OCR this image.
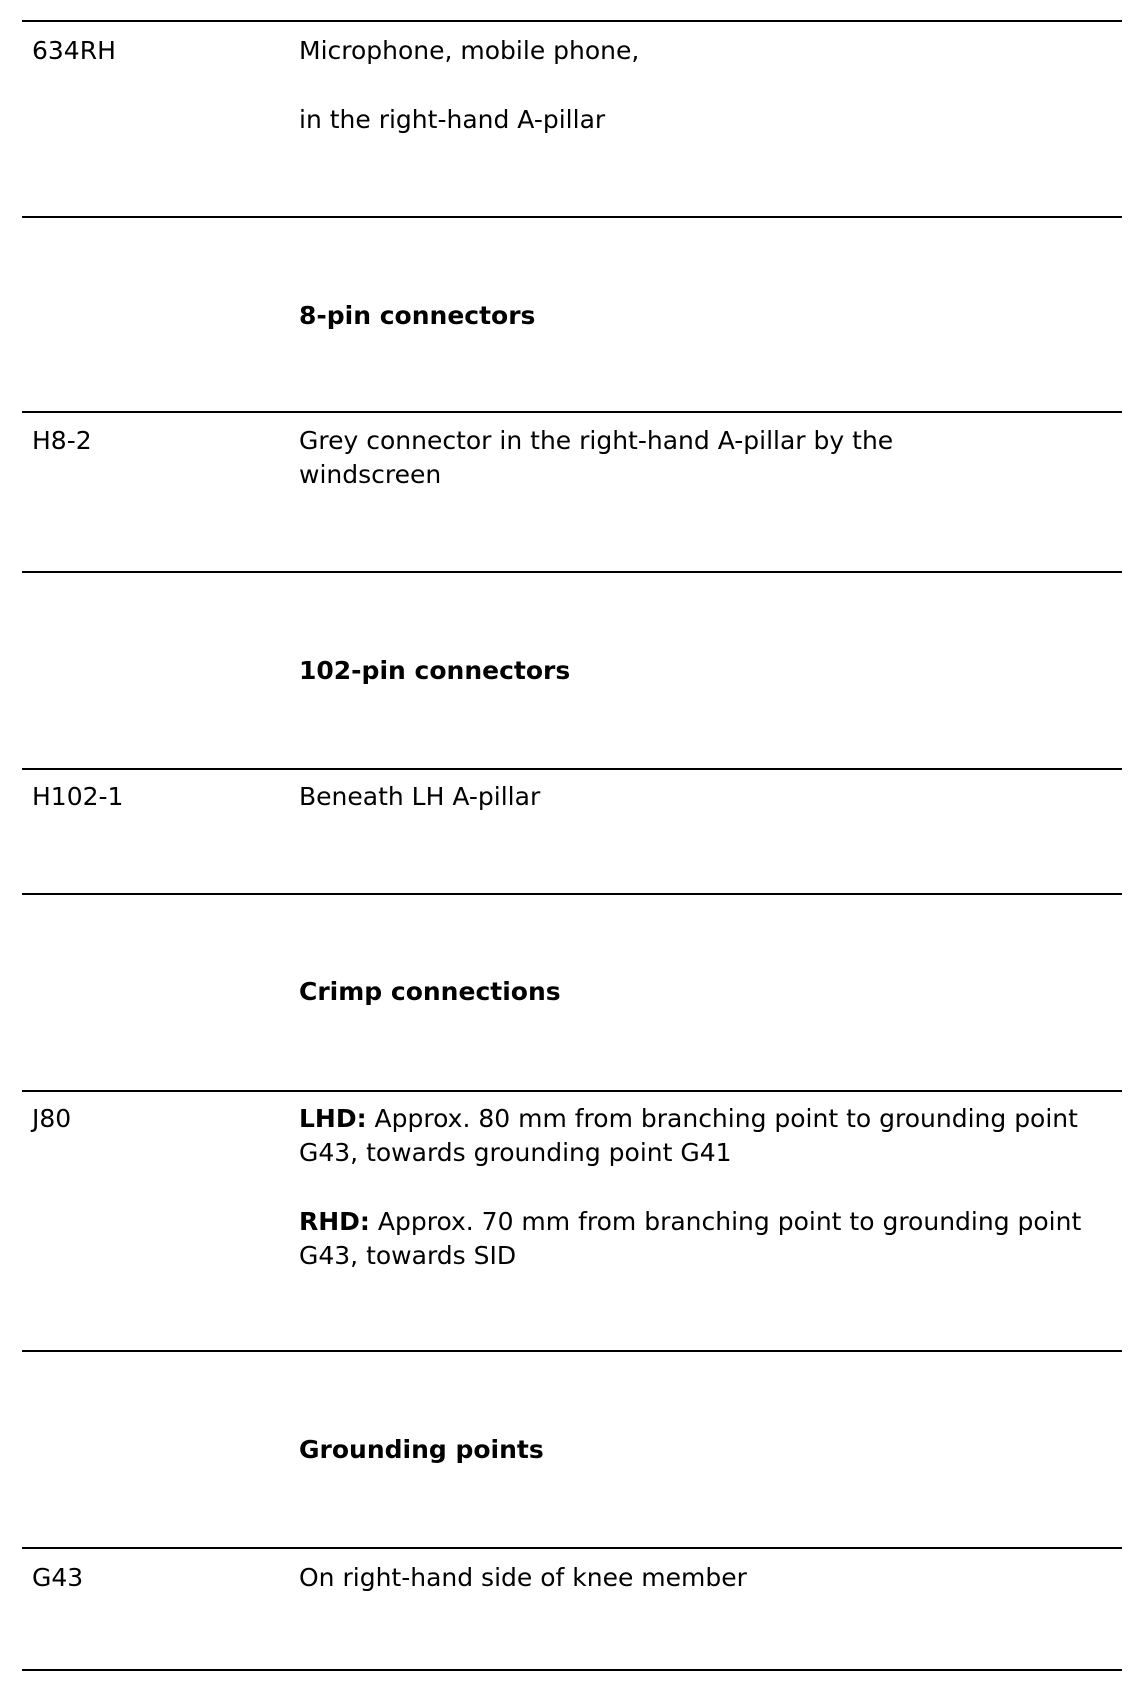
634RH	Microphone, mobile phone,
in the right-hand A-pillar
8-pin connectors
H8-2	Grey connector in the right-hand A-pillar by the windscreen
102-pin connectors
H102-1	Beneath LH A-pillar
Crimp connections
J80	LHD: Approx. 80 mm from branching point to grounding point G43, towards grounding point G41
RHD: Approx. 70 mm from branching point to grounding point G43, towards SID
Grounding points
G43	On right-hand side of knee member
